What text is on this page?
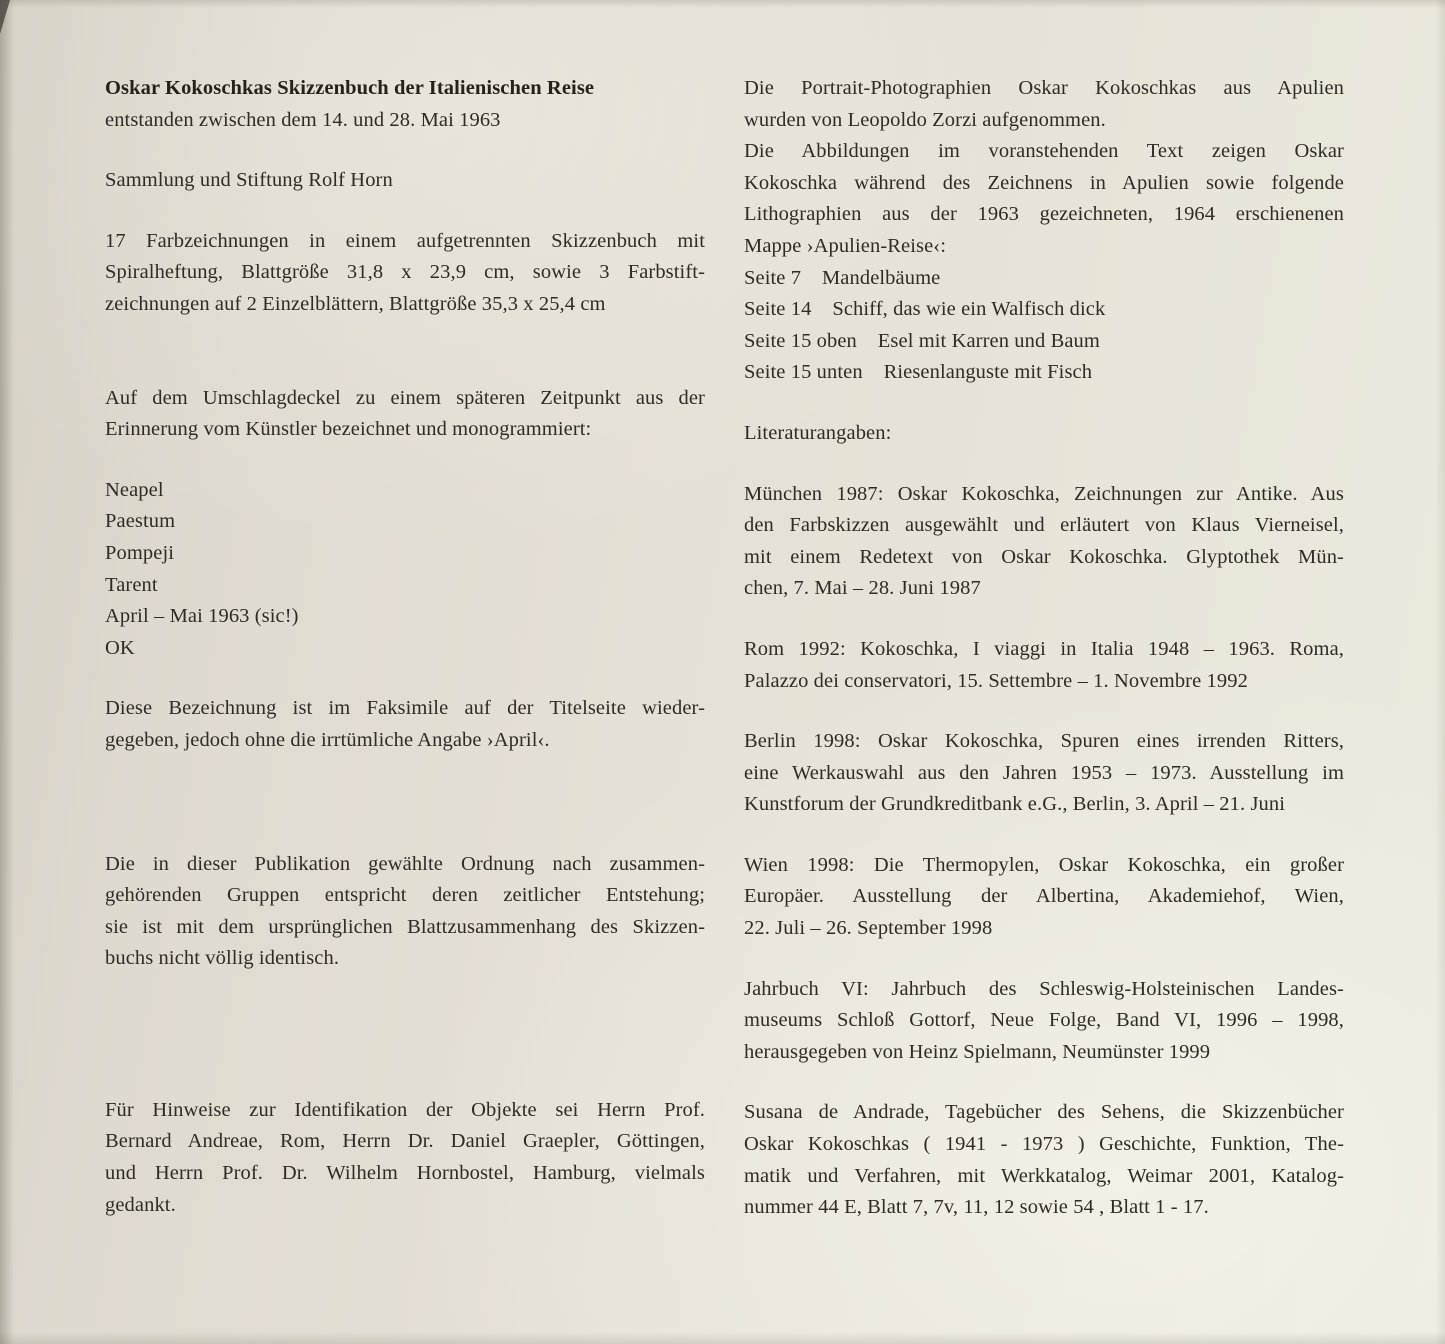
Oskar Kokoschkas Skizzenbuch der Italienischen Reise
entstanden zwischen dem 14. und 28. Mai 1963
Sammlung und Stiftung Rolf Horn
17 Farbzeichnungen in einem aufgetrennten Skizzenbuch mit
Spiralheftung, Blattgröße 31,8 x 23,9 cm, sowie 3 Farbstift-
zeichnungen auf 2 Einzelblättern, Blattgröße 35,3 x 25,4 cm
Auf dem Umschlagdeckel zu einem späteren Zeitpunkt aus der
Erinnerung vom Künstler bezeichnet und monogrammiert:
Neapel
Paestum
Pompeji
Tarent
April – Mai 1963 (sic!)
OK
Diese Bezeichnung ist im Faksimile auf der Titelseite wieder-
gegeben, jedoch ohne die irrtümliche Angabe ›April‹.
Die in dieser Publikation gewählte Ordnung nach zusammen-
gehörenden Gruppen entspricht deren zeitlicher Entstehung;
sie ist mit dem ursprünglichen Blattzusammenhang des Skizzen-
buchs nicht völlig identisch.
Für Hinweise zur Identifikation der Objekte sei Herrn Prof.
Bernard Andreae, Rom, Herrn Dr. Daniel Graepler, Göttingen,
und Herrn Prof. Dr. Wilhelm Hornbostel, Hamburg, vielmals
gedankt.
Die Portrait-Photographien Oskar Kokoschkas aus Apulien
wurden von Leopoldo Zorzi aufgenommen.
Die Abbildungen im voranstehenden Text zeigen Oskar
Kokoschka während des Zeichnens in Apulien sowie folgende
Lithographien aus der 1963 gezeichneten, 1964 erschienenen
Mappe ›Apulien-Reise‹:
Seite 7    Mandelbäume
Seite 14    Schiff, das wie ein Walfisch dick
Seite 15 oben    Esel mit Karren und Baum
Seite 15 unten    Riesenlanguste mit Fisch
Literaturangaben:
München 1987: Oskar Kokoschka, Zeichnungen zur Antike. Aus
den Farbskizzen ausgewählt und erläutert von Klaus Vierneisel,
mit einem Redetext von Oskar Kokoschka. Glyptothek Mün-
chen, 7. Mai – 28. Juni 1987
Rom 1992: Kokoschka, I viaggi in Italia 1948 – 1963. Roma,
Palazzo dei conservatori, 15. Settembre – 1. Novembre 1992
Berlin 1998: Oskar Kokoschka, Spuren eines irrenden Ritters,
eine Werkauswahl aus den Jahren 1953 – 1973. Ausstellung im
Kunstforum der Grundkreditbank e.G., Berlin, 3. April – 21. Juni
Wien 1998: Die Thermopylen, Oskar Kokoschka, ein großer
Europäer. Ausstellung der Albertina, Akademiehof, Wien,
22. Juli – 26. September 1998
Jahrbuch VI: Jahrbuch des Schleswig-Holsteinischen Landes-
museums Schloß Gottorf, Neue Folge, Band VI, 1996 – 1998,
herausgegeben von Heinz Spielmann, Neumünster 1999
Susana de Andrade, Tagebücher des Sehens, die Skizzenbücher
Oskar Kokoschkas ( 1941 - 1973 ) Geschichte, Funktion, The-
matik und Verfahren, mit Werkkatalog, Weimar 2001, Katalog-
nummer 44 E, Blatt 7, 7v, 11, 12 sowie 54 , Blatt 1 - 17.
